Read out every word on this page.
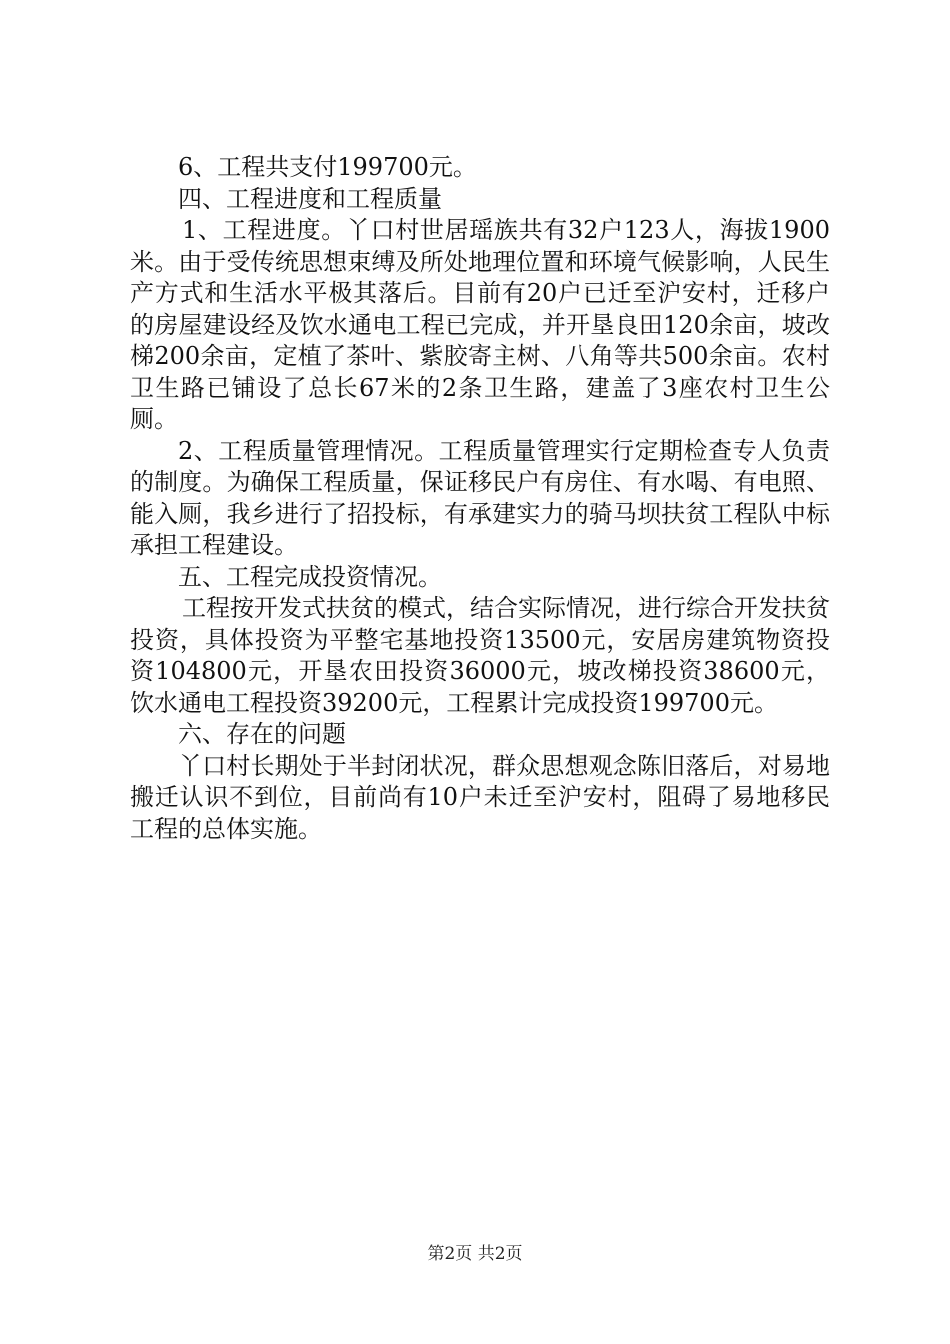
6、工程共支付199700元。

四、工程进度和工程质量

1、工程进度。丫口村世居瑶族共有32户123人，海拔1900米。由于受传统思想束缚及所处地理位置和环境气候影响，人民生产方式和生活水平极其落后。目前有20户已迁至沪安村，迁移户的房屋建设经及饮水通电工程已完成，并开垦良田120余亩，坡改梯200余亩，定植了茶叶、紫胶寄主树、八角等共500余亩。农村卫生路已铺设了总长67米的2条卫生路，建盖了3座农村卫生公厕。

2、工程质量管理情况。工程质量管理实行定期检查专人负责的制度。为确保工程质量，保证移民户有房住、有水喝、有电照、能入厕，我乡进行了招投标，有承建实力的骑马坝扶贫工程队中标承担工程建设。

五、工程完成投资情况。

工程按开发式扶贫的模式，结合实际情况，进行综合开发扶贫投资，具体投资为平整宅基地投资13500元，安居房建筑物资投资104800元，开垦农田投资36000元，坡改梯投资38600元，饮水通电工程投资39200元，工程累计完成投资199700元。

六、存在的问题

丫口村长期处于半封闭状况，群众思想观念陈旧落后，对易地搬迁认识不到位，目前尚有10户未迁至沪安村，阻碍了易地移民工程的总体实施。

第2页 共2页
